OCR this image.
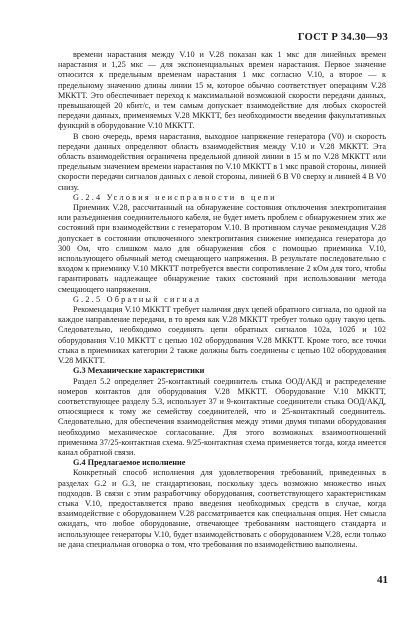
ГОСТ Р 34.30—93

времени нарастания между V.10 и V.28 показан как 1 мкс для линейных времен нарастания и 1,25 мкс — для экспоненциальных времен нарастания. Первое значение относится к предельным временам нарастания 1 мкс согласно V.10, а второе — к предельному значению длины линии 15 м, которое обычно соответствует операциям V.28 МККТТ. Это обеспечивает переход к максимальной возможной скорости передачи данных, превышающей 20 кбит/с, и тем самым допускает взаимодействие для любых скоростей передачи данных, применяемых V.28 МККТТ, без необходимости введения факультативных функций в оборудование V.10 МККТТ.

В свою очередь, время нарастания, выходное напряжение генератора (V0) и скорость передачи данных определяют область взаимодействия между V.10 и V.28 МККТТ. Эта область взаимодействия ограничена предельной длиной линии в 15 м по V.28 МККТТ или предельным значением времени нарастания по V.10 МККТТ в 1 мкс правой стороны, линией скорости передачи сигналов данных с левой стороны, линией 6 В V0 сверху и линией 4 В V0 снизу.

G.2.4 Условия неисправности в цепи

Приемник V.28, рассчитанный на обнаружение состояния отключения электропитания или разъединения соединительного кабеля, не будет иметь проблем с обнаружением этих же состояний при взаимодействии с генератором V.10. В противном случае рекомендация V.28 допускает в состоянии отключенного электропитания снижение импеданса генератора до 300 Ом, что слишком мало для обнаружения сбоя с помощью приемника V.10, использующего обычный метод смещающего напряжения. В результате последовательно с входом к приемнику V.10 МККТТ потребуется ввести сопротивление 2 кОм для того, чтобы гарантировать надлежащее обнаружение таких состояний при использовании метода смещающего напряжения.

G.2.5 Обратный сигнал

Рекомендация V.10 МККТТ требует наличия двух цепей обратного сигнала, по одной на каждое направление передачи, в то время как V.28 МККТТ требует только одну такую цепь. Следовательно, необходимо соединять цепи обратных сигналов 102а, 102б и 102 оборудования V.10 МККТТ с цепью 102 оборудования V.28 МККТТ. Кроме того, все точки стыка в приемниках категории 2 также должны быть соединены с цепью 102 оборудования V.28 МККТТ.

G.3 Механические характеристики

Раздел 5.2 определяет 25-контактный соединитель стыка ООД/АКД и распределение номеров контактов для оборудования V.28 МККТТ. Оборудование V.10 МККТТ, соответствующее разделу 5.3, использует 37 и 9-контактные соединители стыка ООД/АКД, относящиеся к тому же семейству соединителей, что и 25-контактный соединитель. Следовательно, для обеспечения взаимодействия между этими двумя типами оборудования необходимо механическое согласование. Для этого возможных взаимоотношений применима 37/25-контактная схема. 9/25-контактная схема применяется тогда, когда имеется канал обратной связи.

G.4 Предлагаемое исполнение

Конкретный способ исполнения для удовлетворения требований, приведенных в разделах G.2 и G.3, не стандартизован, поскольку здесь возможно множество иных подходов. В связи с этим разработчику оборудования, соответствующего характеристикам стыка V.10, предоставляется право введения необходимых средств в случае, когда взаимодействие с оборудованием V.28 рассматривается как специальная опция. Нет смысла ожидать, что любое оборудование, отвечающее требованиям настоящего стандарта и использующее генераторы V.10, будет взаимодействовать с оборудованием V.28, если только не дана специальная оговорка о том, что требования по взаимодействию выполнены.

41
